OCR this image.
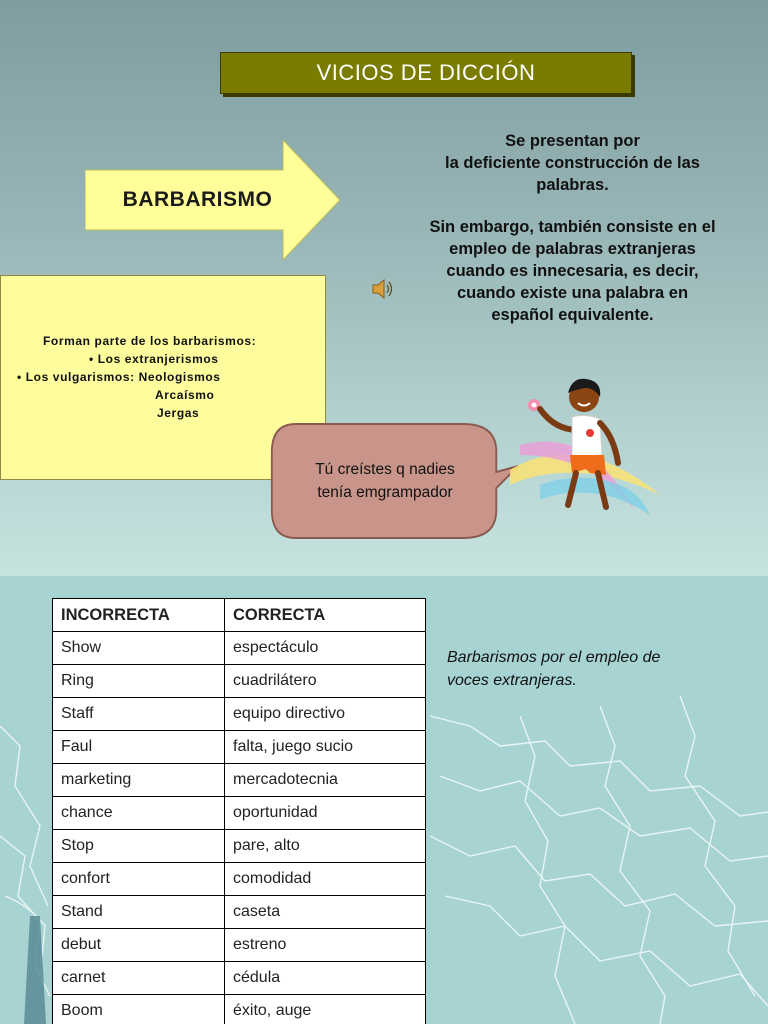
VICIOS DE DICCIÓN
BARBARISMO

Se presentan por
la deficiente construcción de las
palabras.

Sin embargo, también consiste en el
empleo de palabras extranjeras
cuando es innecesaria, es decir,
cuando existe una palabra en
español equivalente.

Forman parte de los barbarismos:
• Los extranjerismos
• Los vulgarismos: Neologismos
Arcaísmo
Jergas
Tú creístes q nadies
tenía emgrampador
INCORRECTA	CORRECTA
Show	espectáculo
Ring	cuadrilátero
Staff	equipo directivo
Faul	falta, juego sucio
marketing	mercadotecnia
chance	oportunidad
Stop	pare, alto
confort	comodidad
Stand	caseta
debut	estreno
carnet	cédula
Boom	éxito, auge
Barbarismos por el empleo de
voces extranjeras.
